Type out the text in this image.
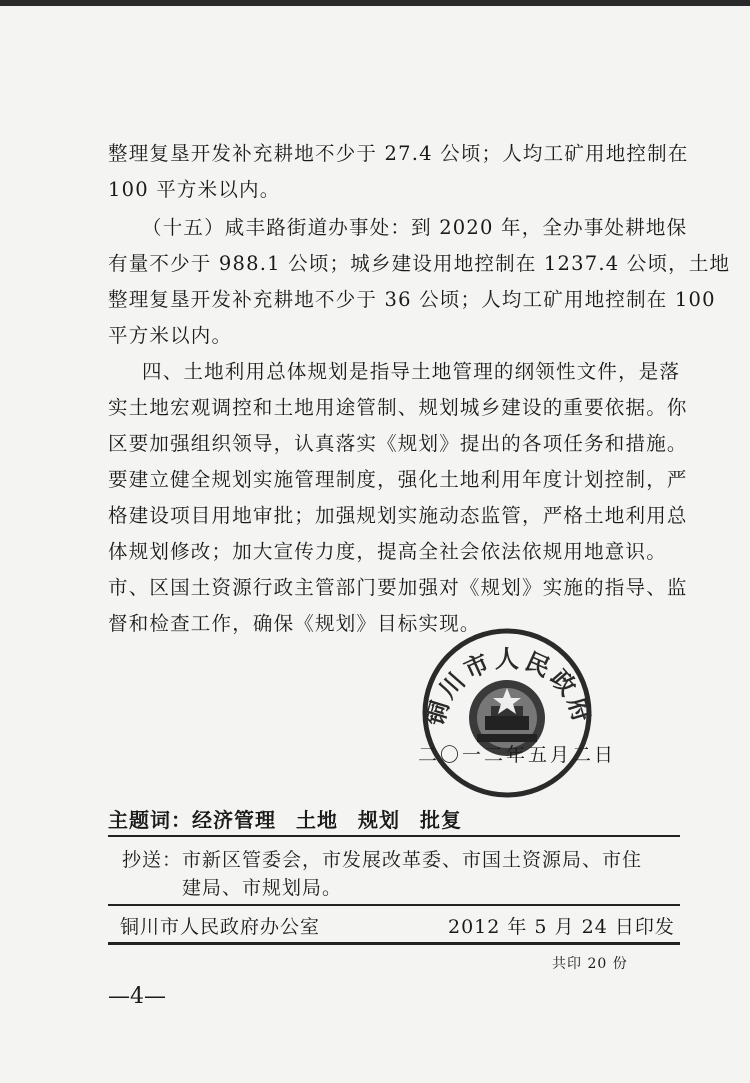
整理复垦开发补充耕地不少于 27.4 公顷；人均工矿用地控制在
100 平方米以内。
（十五）咸丰路街道办事处：到 2020 年，全办事处耕地保
有量不少于 988.1 公顷；城乡建设用地控制在 1237.4 公顷，土地
整理复垦开发补充耕地不少于 36 公顷；人均工矿用地控制在 100
平方米以内。
四、土地利用总体规划是指导土地管理的纲领性文件，是落
实土地宏观调控和土地用途管制、规划城乡建设的重要依据。你
区要加强组织领导，认真落实《规划》提出的各项任务和措施。
要建立健全规划实施管理制度，强化土地利用年度计划控制，严
格建设项目用地审批；加强规划实施动态监管，严格土地利用总
体规划修改；加大宣传力度，提高全社会依法依规用地意识。
市、区国土资源行政主管部门要加强对《规划》实施的指导、监
督和检查工作，确保《规划》目标实现。
铜川市人民政府
二〇一二年五月二日
主题词：经济管理 土地 规划 批复
抄送：市新区管委会，市发展改革委、市国土资源局、市住
建局、市规划局。
铜川市人民政府办公室	2012 年 5 月 24 日印发
共印 20 份
—4—
